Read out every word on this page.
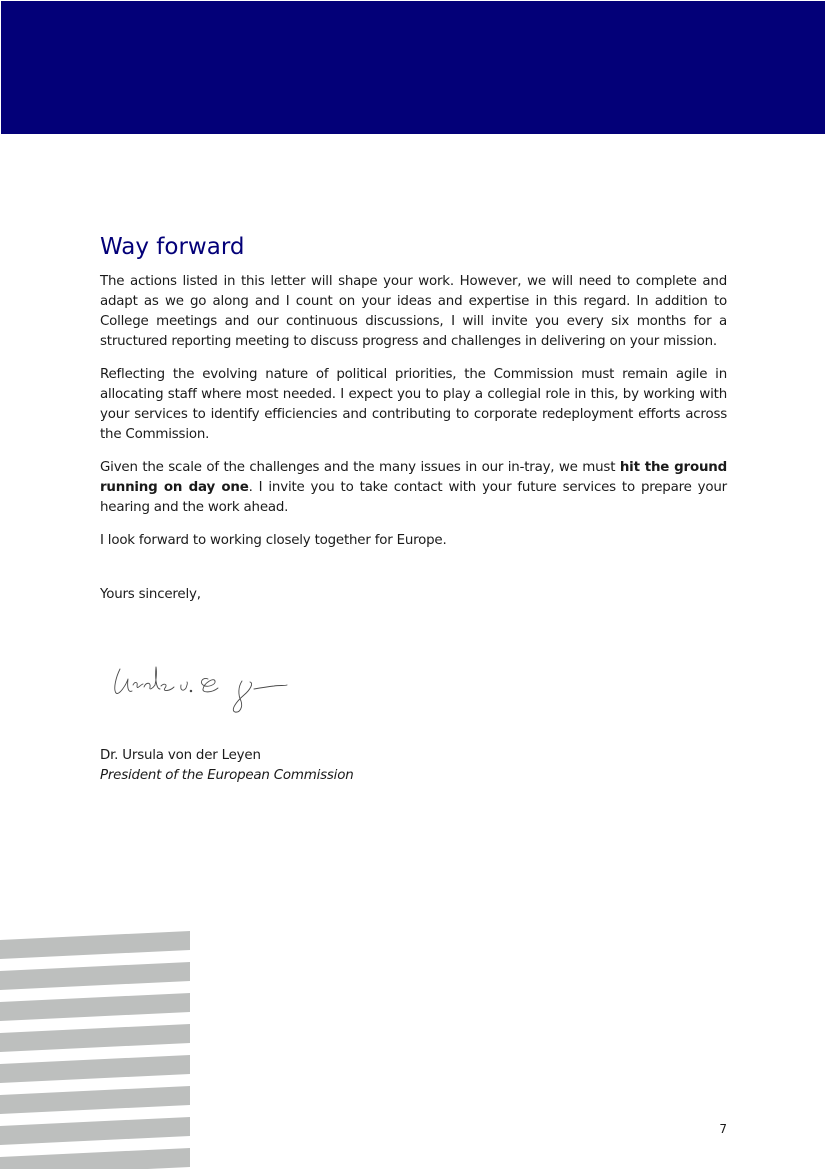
Way forward

The actions listed in this letter will shape your work. However, we will need to complete and adapt as we go along and I count on your ideas and expertise in this regard. In addition to College meetings and our continuous discussions, I will invite you every six months for a structured reporting meeting to discuss progress and challenges in delivering on your mission.

Reflecting the evolving nature of political priorities, the Commission must remain agile in allocating staff where most needed. I expect you to play a collegial role in this, by working with your services to identify efficiencies and contributing to corporate redeployment efforts across the Commission.

Given the scale of the challenges and the many issues in our in-tray, we must hit the ground running on day one. I invite you to take contact with your future services to prepare your hearing and the work ahead.

I look forward to working closely together for Europe.

Yours sincerely,

Dr. Ursula von der Leyen
President of the European Commission
7
